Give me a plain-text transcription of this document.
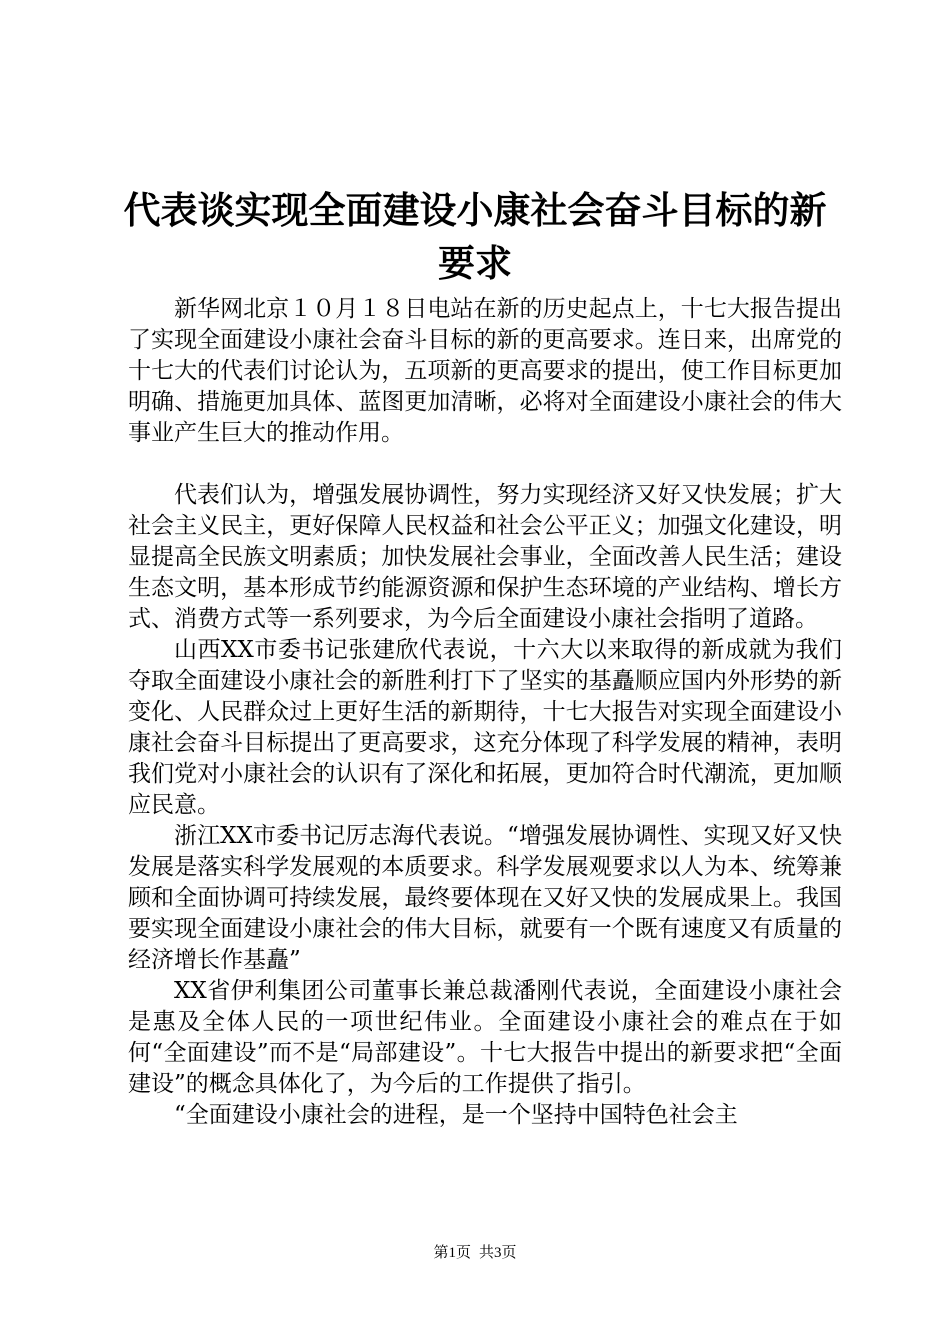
代表谈实现全面建设小康社会奋斗目标的新要求

新华网北京１０月１８日电站在新的历史起点上，十七大报告提出了实现全面建设小康社会奋斗目标的新的更高要求。连日来，出席党的十七大的代表们讨论认为，五项新的更高要求的提出，使工作目标更加明确、措施更加具体、蓝图更加清晰，必将对全面建设小康社会的伟大事业产生巨大的推动作用。

代表们认为，增强发展协调性，努力实现经济又好又快发展；扩大社会主义民主，更好保障人民权益和社会公平正义；加强文化建设，明显提高全民族文明素质；加快发展社会事业，全面改善人民生活；建设生态文明，基本形成节约能源资源和保护生态环境的产业结构、增长方式、消费方式等一系列要求，为今后全面建设小康社会指明了道路。

山西XX市委书记张建欣代表说，十六大以来取得的新成就为我们夺取全面建设小康社会的新胜利打下了坚实的基矗顺应国内外形势的新变化、人民群众过上更好生活的新期待，十七大报告对实现全面建设小康社会奋斗目标提出了更高要求，这充分体现了科学发展的精神，表明我们党对小康社会的认识有了深化和拓展，更加符合时代潮流，更加顺应民意。

浙江XX市委书记厉志海代表说。“增强发展协调性、实现又好又快发展是落实科学发展观的本质要求。科学发展观要求以人为本、统筹兼顾和全面协调可持续发展，最终要体现在又好又快的发展成果上。我国要实现全面建设小康社会的伟大目标，就要有一个既有速度又有质量的经济增长作基矗”

XX省伊利集团公司董事长兼总裁潘刚代表说，全面建设小康社会是惠及全体人民的一项世纪伟业。全面建设小康社会的难点在于如何“全面建设”而不是“局部建设”。十七大报告中提出的新要求把“全面建设”的概念具体化了，为今后的工作提供了指引。

“全面建设小康社会的进程，是一个坚持中国特色社会主

第1页 共3页
